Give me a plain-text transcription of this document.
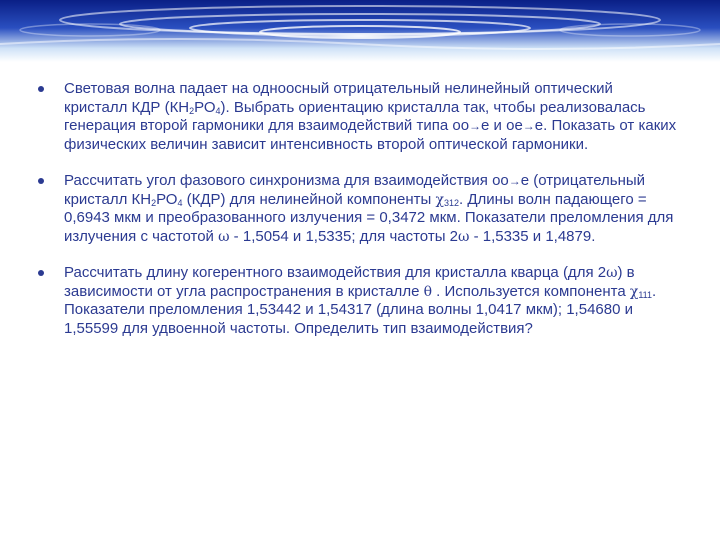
Световая волна падает на одноосный отрицательный нелинейный оптический кристалл КДР $(КН_2РО_4)$. Выбрать ориентацию кристалла так, чтобы реализовалась генерация второй гармоники для взаимодействий типа оо→е и ое→е. Показать от каких физических величин зависит интенсивность второй оптической гармоники.

Рассчитать угол фазового синхронизма для взаимодействия оо→е (отрицательный кристалл $КН_2РО_4$ (КДР) для нелинейной компоненты $\chi_{312}$. Длины волн падающего = 0,6943 мкм и преобразованного излучения = 0,3472 мкм. Показатели преломления для излучения с частотой ω - 1,5054 и 1,5335; для частоты 2ω - 1,5335 и 1,4879.

Рассчитать длину когерентного взаимодействия для кристалла кварца (для 2ω) в зависимости от угла распространения в кристалле θ . Используется компонента $\chi_{111}$. Показатели преломления 1,53442 и 1,54317 (длина волны 1,0417 мкм); 1,54680 и 1,55599 для удвоенной частоты. Определить тип взаимодействия?
